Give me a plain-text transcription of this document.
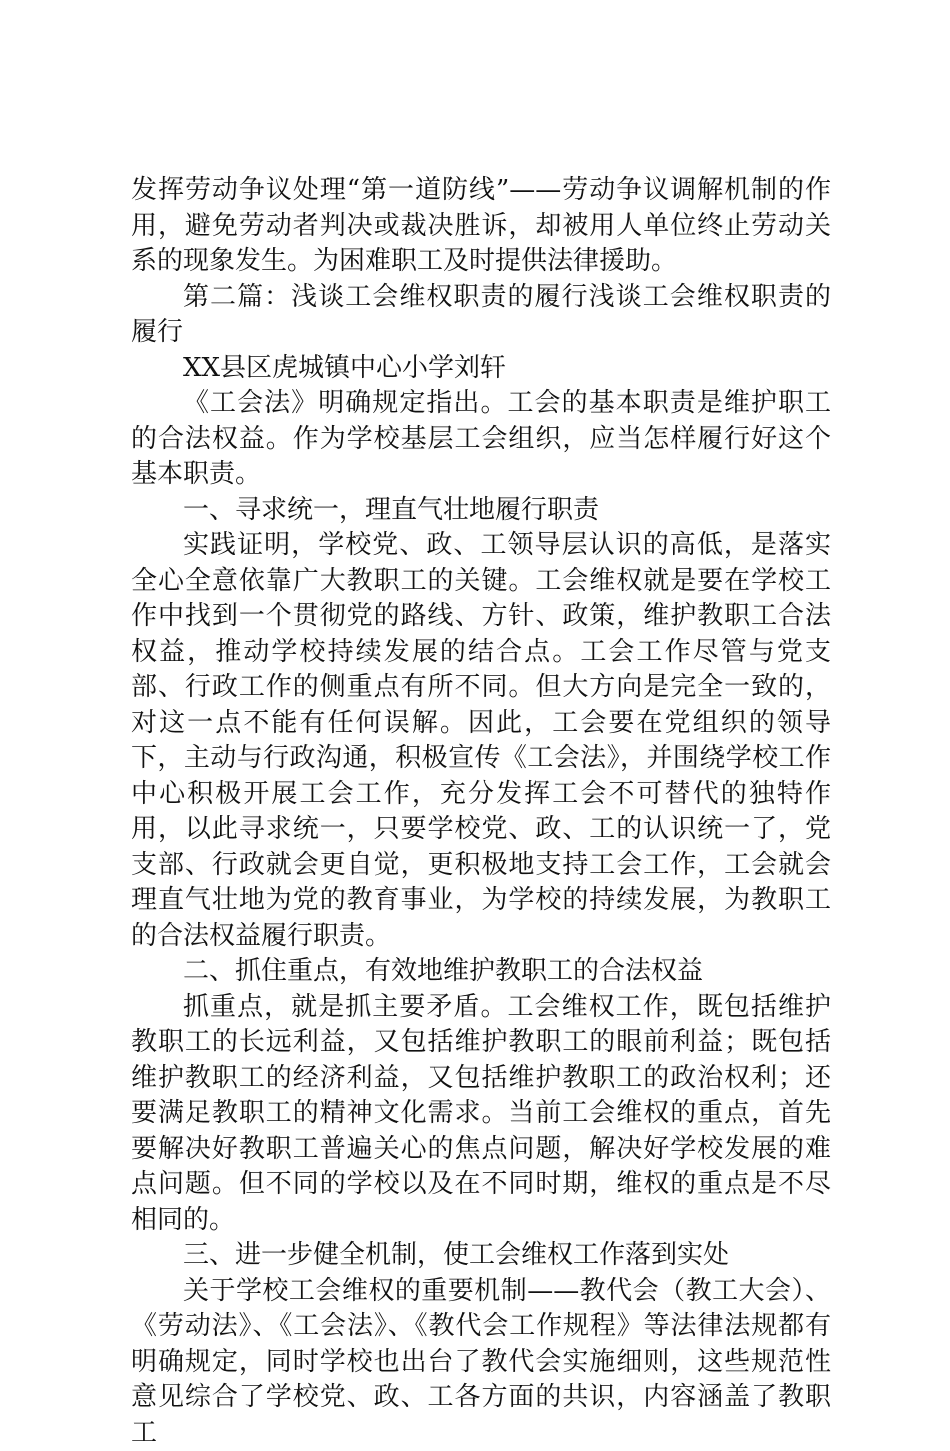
发挥劳动争议处理“第一道防线”——劳动争议调解机制的作用，避免劳动者判决或裁决胜诉，却被用人单位终止劳动关系的现象发生。为困难职工及时提供法律援助。

第二篇：浅谈工会维权职责的履行浅谈工会维权职责的履行

XX县区虎城镇中心小学刘轩

《工会法》明确规定指出。工会的基本职责是维护职工的合法权益。作为学校基层工会组织，应当怎样履行好这个基本职责。

一、寻求统一，理直气壮地履行职责

实践证明，学校党、政、工领导层认识的高低，是落实全心全意依靠广大教职工的关键。工会维权就是要在学校工作中找到一个贯彻党的路线、方针、政策，维护教职工合法权益，推动学校持续发展的结合点。工会工作尽管与党支部、行政工作的侧重点有所不同。但大方向是完全一致的，对这一点不能有任何误解。因此，工会要在党组织的领导下，主动与行政沟通，积极宣传《工会法》，并围绕学校工作中心积极开展工会工作，充分发挥工会不可替代的独特作用，以此寻求统一，只要学校党、政、工的认识统一了，党支部、行政就会更自觉，更积极地支持工会工作，工会就会理直气壮地为党的教育事业，为学校的持续发展，为教职工的合法权益履行职责。

二、抓住重点，有效地维护教职工的合法权益

抓重点，就是抓主要矛盾。工会维权工作，既包括维护教职工的长远利益，又包括维护教职工的眼前利益；既包括维护教职工的经济利益，又包括维护教职工的政治权利；还要满足教职工的精神文化需求。当前工会维权的重点，首先要解决好教职工普遍关心的焦点问题，解决好学校发展的难点问题。但不同的学校以及在不同时期，维权的重点是不尽相同的。

三、进一步健全机制，使工会维权工作落到实处

关于学校工会维权的重要机制——教代会（教工大会）、《劳动法》、《工会法》、《教代会工作规程》等法律法规都有明确规定，同时学校也出台了教代会实施细则，这些规范性意见综合了学校党、政、工各方面的共识，内容涵盖了教职工
